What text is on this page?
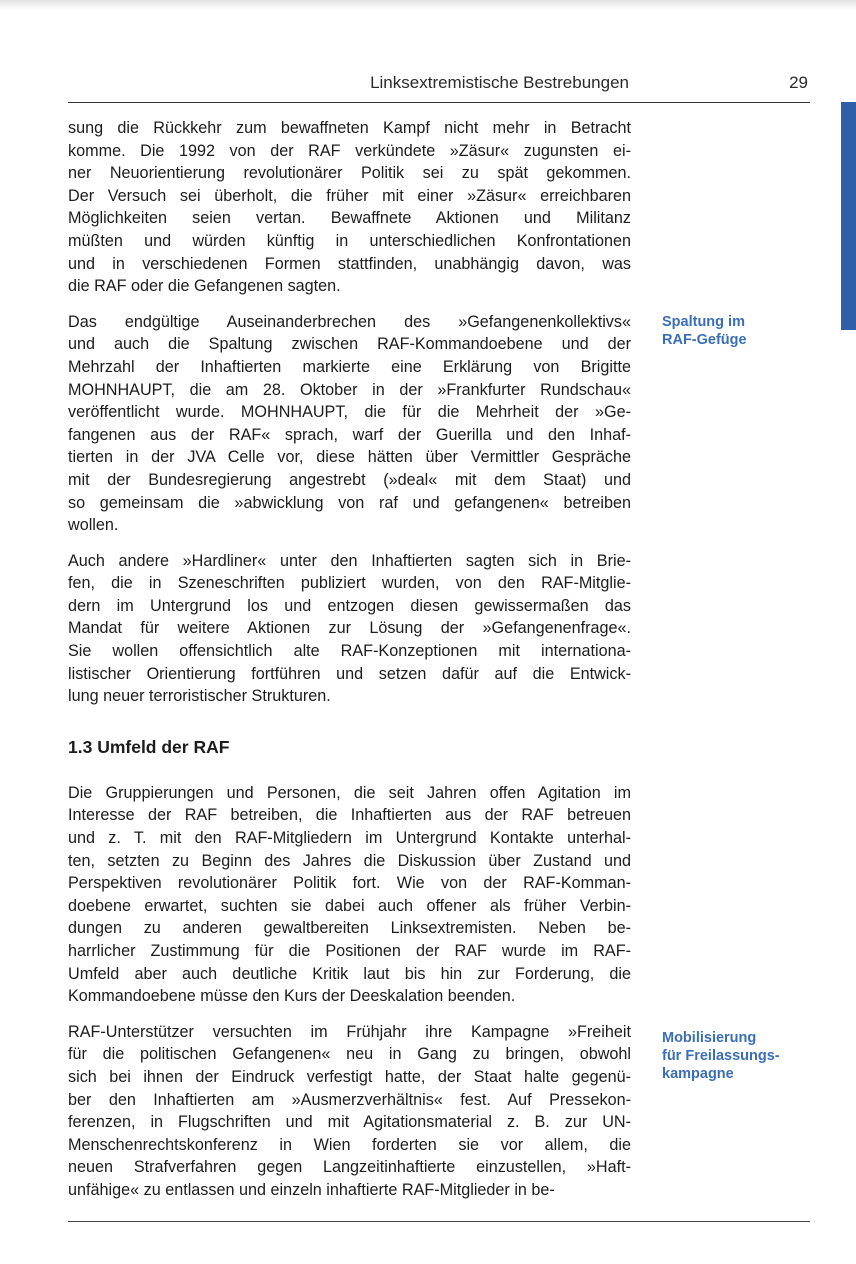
Linksextremistische Bestrebungen	29
sung die Rückkehr zum bewaffneten Kampf nicht mehr in Betracht
komme. Die 1992 von der RAF verkündete »Zäsur« zugunsten ei-
ner Neuorientierung revolutionärer Politik sei zu spät gekommen.
Der Versuch sei überholt, die früher mit einer »Zäsur« erreichbaren
Möglichkeiten seien vertan. Bewaffnete Aktionen und Militanz
müßten und würden künftig in unterschiedlichen Konfrontationen
und in verschiedenen Formen stattfinden, unabhängig davon, was
die RAF oder die Gefangenen sagten.
Das endgültige Auseinanderbrechen des »Gefangenenkollektivs«
und auch die Spaltung zwischen RAF-Kommandoebene und der
Mehrzahl der Inhaftierten markierte eine Erklärung von Brigitte
MOHNHAUPT, die am 28. Oktober in der »Frankfurter Rundschau«
veröffentlicht wurde. MOHNHAUPT, die für die Mehrheit der »Ge-
fangenen aus der RAF« sprach, warf der Guerilla und den Inhaf-
tierten in der JVA Celle vor, diese hätten über Vermittler Gespräche
mit der Bundesregierung angestrebt (»deal« mit dem Staat) und
so gemeinsam die »abwicklung von raf und gefangenen« betreiben
wollen.
Auch andere »Hardliner« unter den Inhaftierten sagten sich in Brie-
fen, die in Szeneschriften publiziert wurden, von den RAF-Mitglie-
dern im Untergrund los und entzogen diesen gewissermaßen das
Mandat für weitere Aktionen zur Lösung der »Gefangenenfrage«.
Sie wollen offensichtlich alte RAF-Konzeptionen mit internationa-
listischer Orientierung fortführen und setzen dafür auf die Entwick-
lung neuer terroristischer Strukturen.
1.3 Umfeld der RAF
Die Gruppierungen und Personen, die seit Jahren offen Agitation im
Interesse der RAF betreiben, die Inhaftierten aus der RAF betreuen
und z. T. mit den RAF-Mitgliedern im Untergrund Kontakte unterhal-
ten, setzten zu Beginn des Jahres die Diskussion über Zustand und
Perspektiven revolutionärer Politik fort. Wie von der RAF-Komman-
doebene erwartet, suchten sie dabei auch offener als früher Verbin-
dungen zu anderen gewaltbereiten Linksextremisten. Neben be-
harrlicher Zustimmung für die Positionen der RAF wurde im RAF-
Umfeld aber auch deutliche Kritik laut bis hin zur Forderung, die
Kommandoebene müsse den Kurs der Deeskalation beenden.
RAF-Unterstützer versuchten im Frühjahr ihre Kampagne »Freiheit
für die politischen Gefangenen« neu in Gang zu bringen, obwohl
sich bei ihnen der Eindruck verfestigt hatte, der Staat halte gegenü-
ber den Inhaftierten am »Ausmerzverhältnis« fest. Auf Pressekon-
ferenzen, in Flugschriften und mit Agitationsmaterial z. B. zur UN-
Menschenrechtskonferenz in Wien forderten sie vor allem, die
neuen Strafverfahren gegen Langzeitinhaftierte einzustellen, »Haft-
unfähige« zu entlassen und einzeln inhaftierte RAF-Mitglieder in be-
Spaltung im
RAF-Gefüge
Mobilisierung
für Freilassungs-
kampagne
